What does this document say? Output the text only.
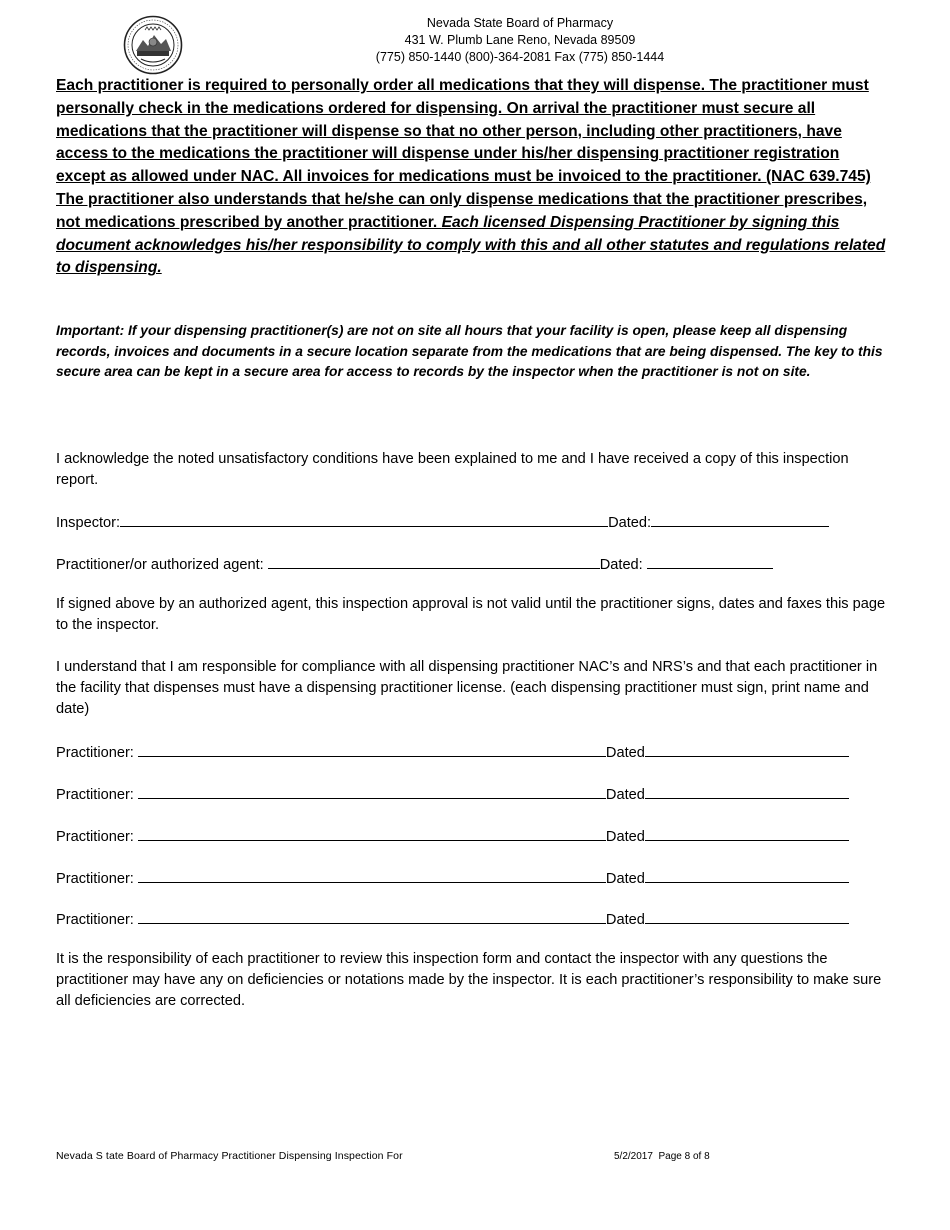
Nevada State Board of Pharmacy
431 W. Plumb Lane Reno, Nevada 89509
(775) 850-1440 (800)-364-2081 Fax (775) 850-1444
Each practitioner is required to personally order all medications that they will dispense. The practitioner must personally check in the medications ordered for dispensing. On arrival the practitioner must secure all medications that the practitioner will dispense so that no other person, including other practitioners, have access to the medications the practitioner will dispense under his/her dispensing practitioner registration except as allowed under NAC. All invoices for medications must be invoiced to the practitioner. (NAC 639.745) The practitioner also understands that he/she can only dispense medications that the practitioner prescribes, not medications prescribed by another practitioner. Each licensed Dispensing Practitioner by signing this document acknowledges his/her responsibility to comply with this and all other statutes and regulations related to dispensing.
Important: If your dispensing practitioner(s) are not on site all hours that your facility is open, please keep all dispensing records, invoices and documents in a secure location separate from the medications that are being dispensed. The key to this secure area can be kept in a secure area for access to records by the inspector when the practitioner is not on site.
I acknowledge the noted unsatisfactory conditions have been explained to me and I have received a copy of this inspection report.
Inspector:	Dated:
Practitioner/or authorized agent:	Dated:
If signed above by an authorized agent, this inspection approval is not valid until the practitioner signs, dates and faxes this page to the inspector.
I understand that I am responsible for compliance with all dispensing practitioner NAC’s and NRS’s and that each practitioner in the facility that dispenses must have a dispensing practitioner license. (each dispensing practitioner must sign, print name and date)
Practitioner:	Dated
Practitioner:	Dated
Practitioner:	Dated
Practitioner:	Dated
Practitioner:	Dated
It is the responsibility of each practitioner to review this inspection form and contact the inspector with any questions the practitioner may have any on deficiencies or notations made by the inspector. It is each practitioner’s responsibility to make sure all deficiencies are corrected.
Nevada S tate Board of Pharmacy Practitioner Dispensing Inspection For	5/2/2017  Page 8 of 8
